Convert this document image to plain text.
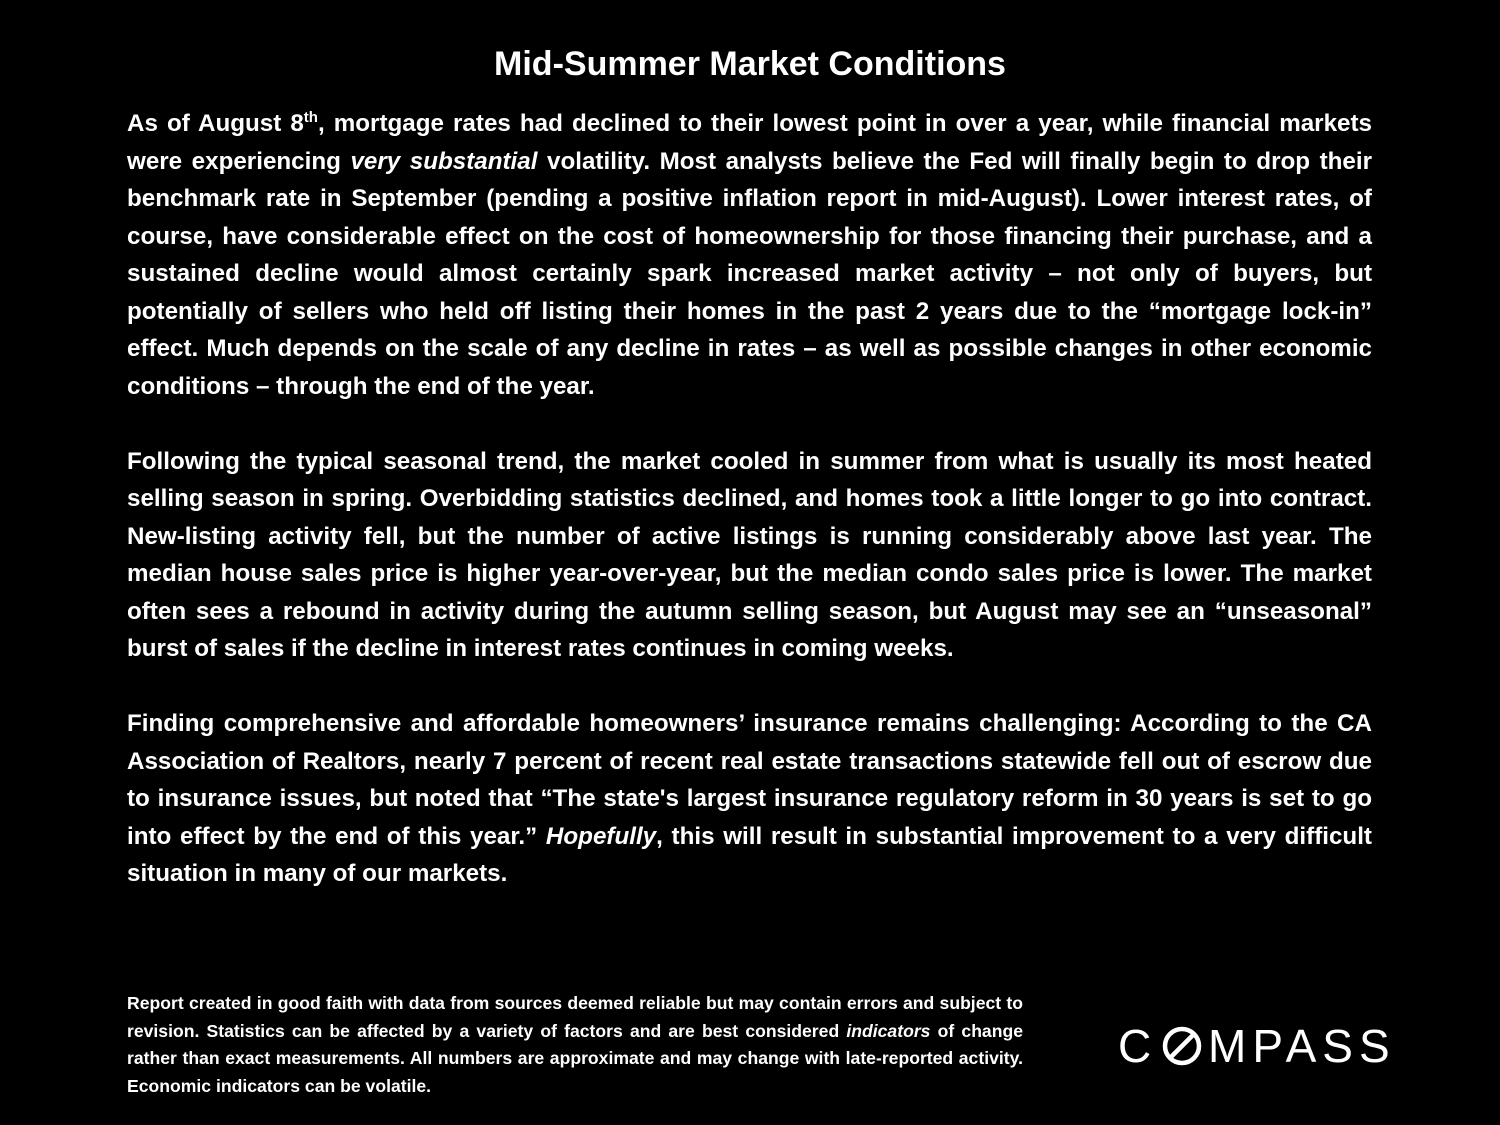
Mid-Summer Market Conditions

As of August 8th, mortgage rates had declined to their lowest point in over a year, while financial markets were experiencing very substantial volatility. Most analysts believe the Fed will finally begin to drop their benchmark rate in September (pending a positive inflation report in mid-August). Lower interest rates, of course, have considerable effect on the cost of homeownership for those financing their purchase, and a sustained decline would almost certainly spark increased market activity – not only of buyers, but potentially of sellers who held off listing their homes in the past 2 years due to the “mortgage lock-in” effect. Much depends on the scale of any decline in rates – as well as possible changes in other economic conditions – through the end of the year.

Following the typical seasonal trend, the market cooled in summer from what is usually its most heated selling season in spring. Overbidding statistics declined, and homes took a little longer to go into contract. New-listing activity fell, but the number of active listings is running considerably above last year. The median house sales price is higher year-over-year, but the median condo sales price is lower. The market often sees a rebound in activity during the autumn selling season, but August may see an “unseasonal” burst of sales if the decline in interest rates continues in coming weeks.

Finding comprehensive and affordable homeowners’ insurance remains challenging: According to the CA Association of Realtors, nearly 7 percent of recent real estate transactions statewide fell out of escrow due to insurance issues, but noted that “The state's largest insurance regulatory reform in 30 years is set to go into effect by the end of this year.” Hopefully, this will result in substantial improvement to a very difficult situation in many of our markets.

Report created in good faith with data from sources deemed reliable but may contain errors and subject to revision. Statistics can be affected by a variety of factors and are best considered indicators of change rather than exact measurements. All numbers are approximate and may change with late-reported activity. Economic indicators can be volatile.
C MPASS
